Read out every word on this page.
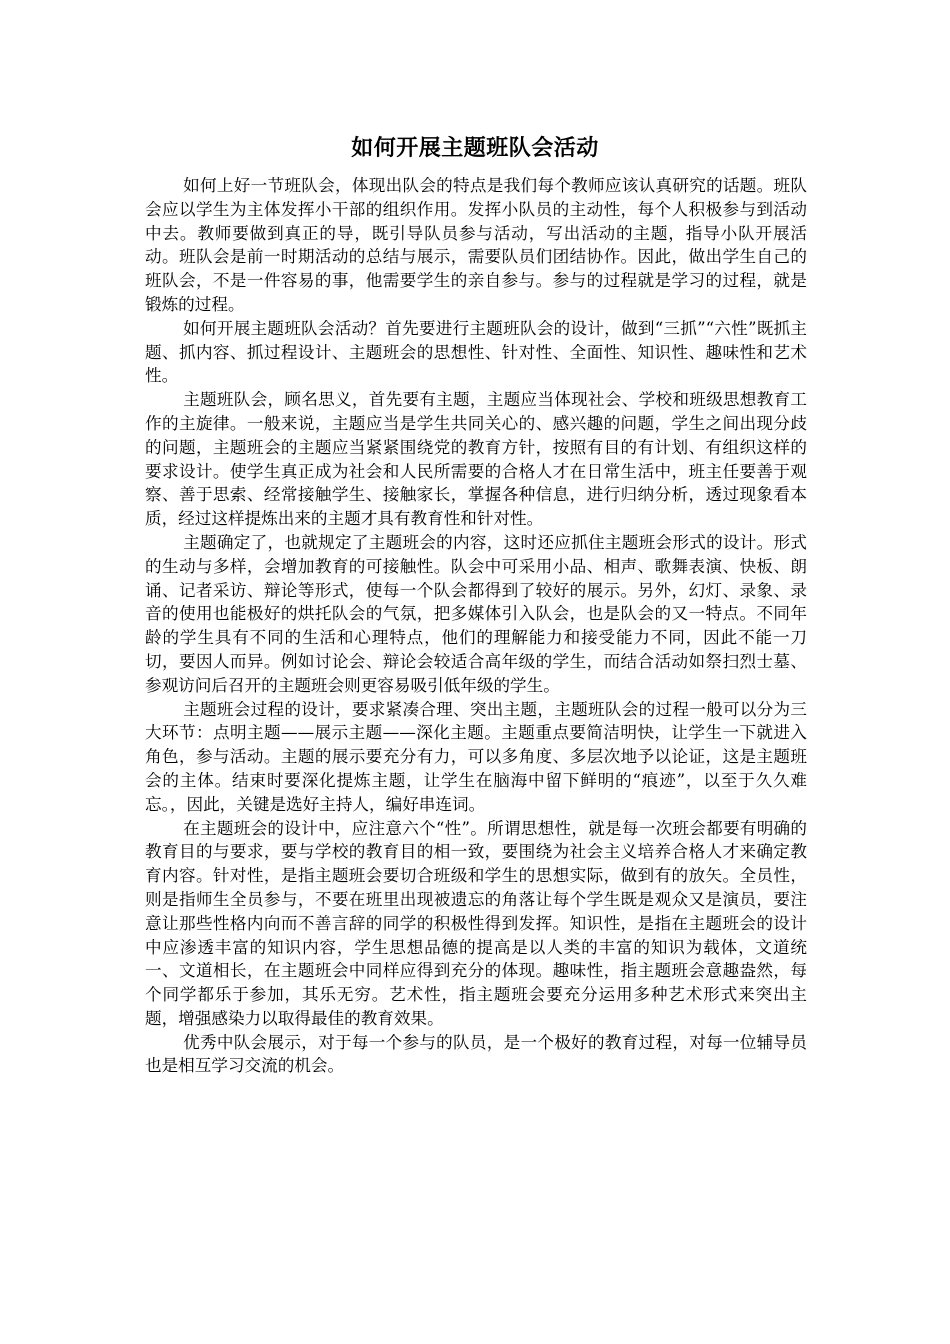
如何开展主题班队会活动

如何上好一节班队会，体现出队会的特点是我们每个教师应该认真研究的话题。班队会应以学生为主体发挥小干部的组织作用。发挥小队员的主动性，每个人积极参与到活动中去。教师要做到真正的导，既引导队员参与活动，写出活动的主题，指导小队开展活动。班队会是前一时期活动的总结与展示，需要队员们团结协作。因此，做出学生自己的班队会，不是一件容易的事，他需要学生的亲自参与。参与的过程就是学习的过程，就是锻炼的过程。

如何开展主题班队会活动？首先要进行主题班队会的设计，做到“三抓”“六性”既抓主题、抓内容、抓过程设计、主题班会的思想性、针对性、全面性、知识性、趣味性和艺术性。

主题班队会，顾名思义，首先要有主题，主题应当体现社会、学校和班级思想教育工作的主旋律。一般来说，主题应当是学生共同关心的、感兴趣的问题，学生之间出现分歧的问题，主题班会的主题应当紧紧围绕党的教育方针，按照有目的有计划、有组织这样的要求设计。使学生真正成为社会和人民所需要的合格人才在日常生活中，班主任要善于观察、善于思索、经常接触学生、接触家长，掌握各种信息，进行归纳分析，透过现象看本质，经过这样提炼出来的主题才具有教育性和针对性。

主题确定了，也就规定了主题班会的内容，这时还应抓住主题班会形式的设计。形式的生动与多样，会增加教育的可接触性。队会中可采用小品、相声、歌舞表演、快板、朗诵、记者采访、辩论等形式，使每一个队会都得到了较好的展示。另外，幻灯、录象、录音的使用也能极好的烘托队会的气氛，把多媒体引入队会，也是队会的又一特点。不同年龄的学生具有不同的生活和心理特点，他们的理解能力和接受能力不同，因此不能一刀切，要因人而异。例如讨论会、辩论会较适合高年级的学生，而结合活动如祭扫烈士墓、参观访问后召开的主题班会则更容易吸引低年级的学生。

主题班会过程的设计，要求紧凑合理、突出主题，主题班队会的过程一般可以分为三大环节：点明主题——展示主题——深化主题。主题重点要简洁明快，让学生一下就进入角色，参与活动。主题的展示要充分有力，可以多角度、多层次地予以论证，这是主题班会的主体。结束时要深化提炼主题，让学生在脑海中留下鲜明的“痕迹”，以至于久久难忘。，因此，关键是选好主持人，编好串连词。

在主题班会的设计中，应注意六个“性”。所谓思想性，就是每一次班会都要有明确的教育目的与要求，要与学校的教育目的相一致，要围绕为社会主义培养合格人才来确定教育内容。针对性，是指主题班会要切合班级和学生的思想实际，做到有的放矢。全员性，则是指师生全员参与，不要在班里出现被遗忘的角落让每个学生既是观众又是演员，要注意让那些性格内向而不善言辞的同学的积极性得到发挥。知识性，是指在主题班会的设计中应渗透丰富的知识内容，学生思想品德的提高是以人类的丰富的知识为载体，文道统一、文道相长，在主题班会中同样应得到充分的体现。趣味性，指主题班会意趣盎然，每个同学都乐于参加，其乐无穷。艺术性，指主题班会要充分运用多种艺术形式来突出主题，增强感染力以取得最佳的教育效果。

优秀中队会展示，对于每一个参与的队员，是一个极好的教育过程，对每一位辅导员也是相互学习交流的机会。
